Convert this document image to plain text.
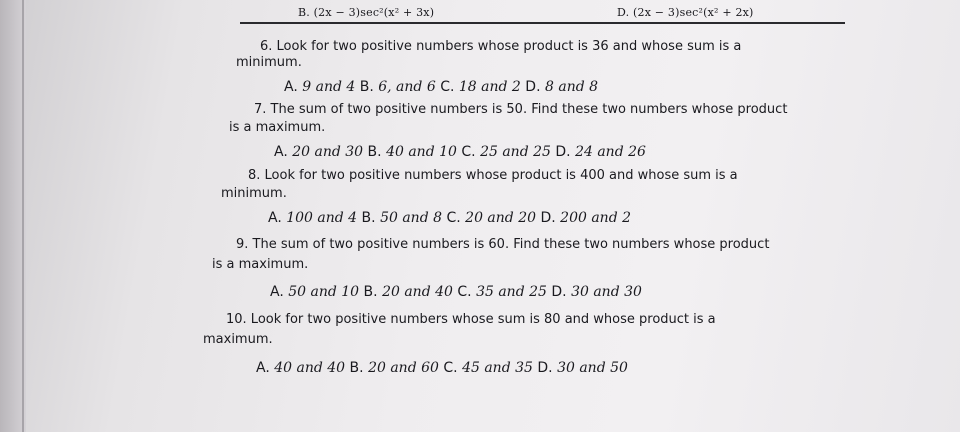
B. (2x − 3)sec²(x² + 3x)	D. (2x − 3)sec²(x² + 2x)
6. Look for two positive numbers whose product is 36 and whose sum is a
minimum.
A. 9 and 4 B. 6, and 6 C. 18 and 2 D. 8 and 8
7. The sum of two positive numbers is 50. Find these two numbers whose product
is a maximum.
A. 20 and 30 B. 40 and 10 C. 25 and 25 D. 24 and 26
8. Look for two positive numbers whose product is 400 and whose sum is a
minimum.
A. 100 and 4 B. 50 and 8 C. 20 and 20 D. 200 and 2
9. The sum of two positive numbers is 60. Find these two numbers whose product
is a maximum.
A. 50 and 10 B. 20 and 40 C. 35 and 25 D. 30 and 30
10. Look for two positive numbers whose sum is 80 and whose product is a
maximum.
A. 40 and 40 B. 20 and 60 C. 45 and 35 D. 30 and 50
